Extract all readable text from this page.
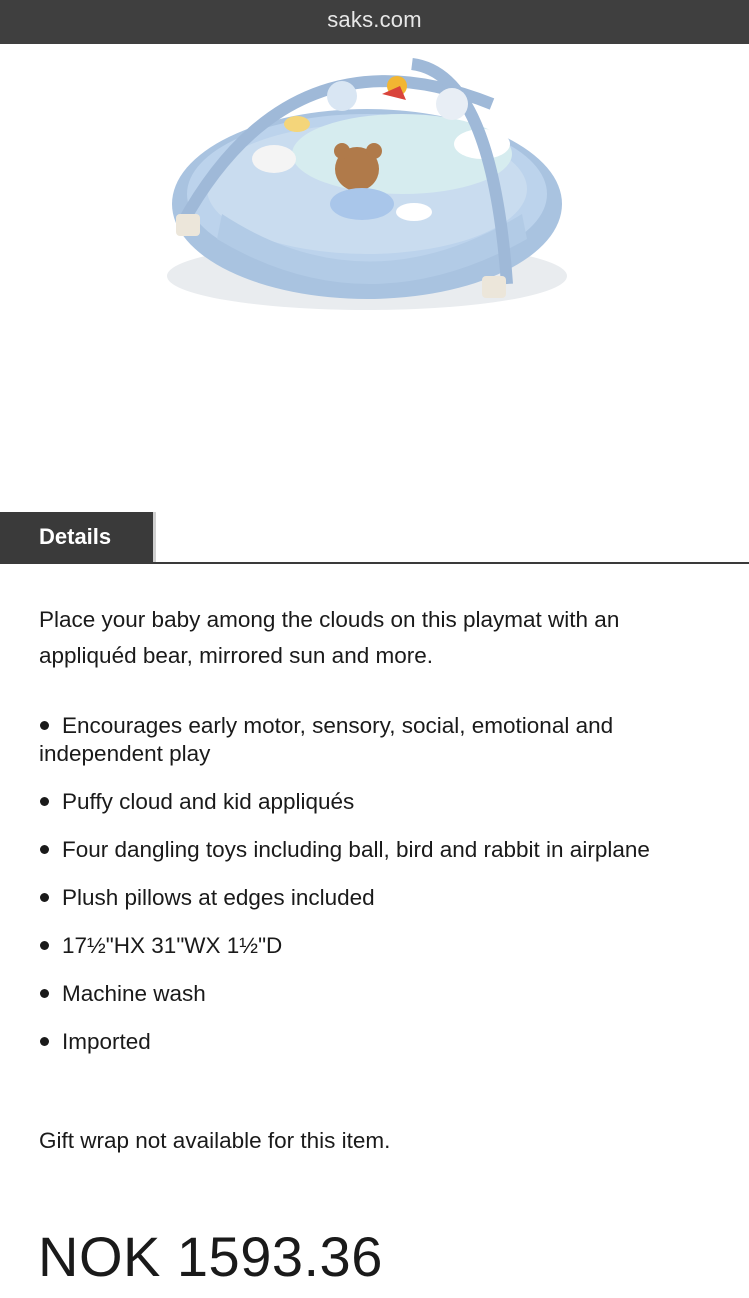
saks.com
Details
Place your baby among the clouds on this playmat with an appliquéd bear, mirrored sun and more.
Encourages early motor, sensory, social, emotional and independent play
Puffy cloud and kid appliqués
Four dangling toys including ball, bird and rabbit in airplane
Plush pillows at edges included
17½"HX 31"WX 1½"D
Machine wash
Imported
Gift wrap not available for this item.
NOK 1593.36
